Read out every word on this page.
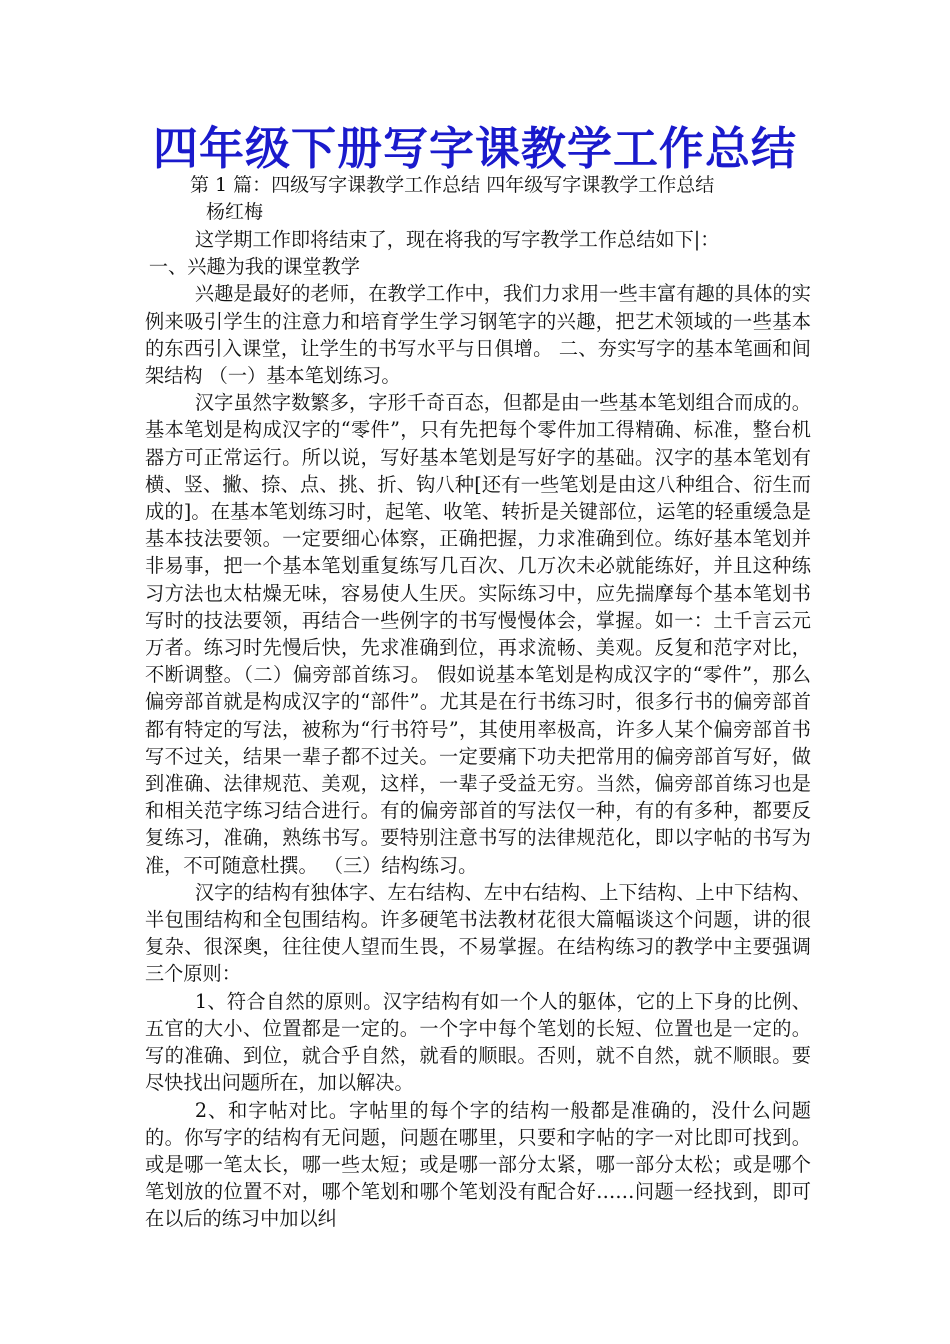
四年级下册写字课教学工作总结
第 1 篇：四级写字课教学工作总结 四年级写字课教学工作总结
杨红梅

这学期工作即将结束了，现在将我的写字教学工作总结如下|：

一、兴趣为我的课堂教学

兴趣是最好的老师，在教学工作中，我们力求用一些丰富有趣的具体的实例来吸引学生的注意力和培育学生学习钢笔字的兴趣，把艺术领域的一些基本的东西引入课堂，让学生的书写水平与日俱增。 二、夯实写字的基本笔画和间架结构 （一）基本笔划练习。

汉字虽然字数繁多，字形千奇百态，但都是由一些基本笔划组合而成的。基本笔划是构成汉字的“零件”，只有先把每个零件加工得精确、标准，整台机器方可正常运行。所以说，写好基本笔划是写好字的基础。汉字的基本笔划有横、竖、撇、捺、点、挑、折、钩八种[还有一些笔划是由这八种组合、衍生而成的]。在基本笔划练习时，起笔、收笔、转折是关键部位，运笔的轻重缓急是基本技法要领。一定要细心体察，正确把握，力求准确到位。练好基本笔划并非易事，把一个基本笔划重复练写几百次、几万次未必就能练好，并且这种练习方法也太枯燥无味，容易使人生厌。实际练习中，应先揣摩每个基本笔划书写时的技法要领，再结合一些例字的书写慢慢体会，掌握。如一：土千言云元万者。练习时先慢后快，先求准确到位，再求流畅、美观。反复和范字对比，不断调整。（二）偏旁部首练习。 假如说基本笔划是构成汉字的“零件”，那么偏旁部首就是构成汉字的“部件”。尤其是在行书练习时，很多行书的偏旁部首都有特定的写法，被称为“行书符号”，其使用率极高，许多人某个偏旁部首书写不过关，结果一辈子都不过关。一定要痛下功夫把常用的偏旁部首写好，做到准确、法律规范、美观，这样，一辈子受益无穷。当然，偏旁部首练习也是和相关范字练习结合进行。有的偏旁部首的写法仅一种，有的有多种，都要反复练习，准确，熟练书写。要特别注意书写的法律规范化，即以字帖的书写为准，不可随意杜撰。 （三）结构练习。

汉字的结构有独体字、左右结构、左中右结构、上下结构、上中下结构、半包围结构和全包围结构。许多硬笔书法教材花很大篇幅谈这个问题，讲的很复杂、很深奥，往往使人望而生畏，不易掌握。在结构练习的教学中主要强调三个原则：

1、符合自然的原则。汉字结构有如一个人的躯体，它的上下身的比例、五官的大小、位置都是一定的。一个字中每个笔划的长短、位置也是一定的。写的准确、到位，就合乎自然，就看的顺眼。否则，就不自然，就不顺眼。要尽快找出问题所在，加以解决。

2、和字帖对比。字帖里的每个字的结构一般都是准确的，没什么问题的。你写字的结构有无问题，问题在哪里，只要和字帖的字一对比即可找到。或是哪一笔太长，哪一些太短；或是哪一部分太紧，哪一部分太松；或是哪个笔划放的位置不对，哪个笔划和哪个笔划没有配合好……问题一经找到，即可在以后的练习中加以纠
